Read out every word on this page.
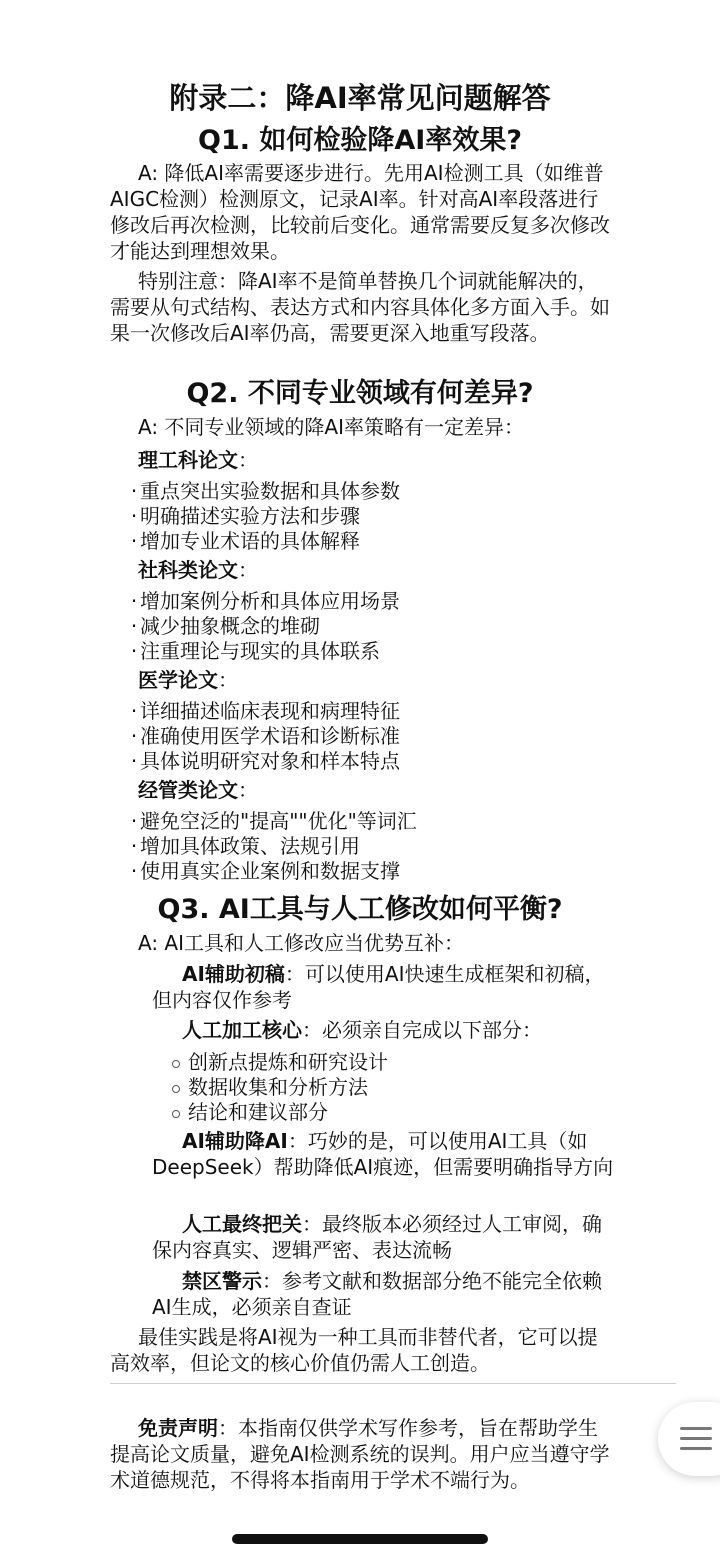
附录二：降AI率常见问题解答
Q1. 如何检验降AI率效果?

A: 降低AI率需要逐步进行。先用AI检测工具（如维普AIGC检测）检测原文，记录AI率。针对高AI率段落进行修改后再次检测，比较前后变化。通常需要反复多次修改才能达到理想效果。

特别注意：降AI率不是简单替换几个词就能解决的，需要从句式结构、表达方式和内容具体化多方面入手。如果一次修改后AI率仍高，需要更深入地重写段落。

Q2. 不同专业领域有何差异?
A: 不同专业领域的降AI率策略有一定差异：
理工科论文：
· 重点突出实验数据和具体参数
· 明确描述实验方法和步骤
· 增加专业术语的具体解释
社科类论文：
· 增加案例分析和具体应用场景
· 减少抽象概念的堆砌
· 注重理论与现实的具体联系
医学论文：
· 详细描述临床表现和病理特征
· 准确使用医学术语和诊断标准
· 具体说明研究对象和样本特点
经管类论文：
· 避免空泛的"提高""优化"等词汇
· 增加具体政策、法规引用
· 使用真实企业案例和数据支撑
Q3. AI工具与人工修改如何平衡?
A: AI工具和人工修改应当优势互补：
AI辅助初稿：可以使用AI快速生成框架和初稿，但内容仅作参考
人工加工核心：必须亲自完成以下部分：
创新点提炼和研究设计
数据收集和分析方法
结论和建议部分
AI辅助降AI：巧妙的是，可以使用AI工具（如DeepSeek）帮助降低AI痕迹，但需要明确指导方向
人工最终把关：最终版本必须经过人工审阅，确保内容真实、逻辑严密、表达流畅
禁区警示：参考文献和数据部分绝不能完全依赖AI生成，必须亲自查证

最佳实践是将AI视为一种工具而非替代者，它可以提高效率，但论文的核心价值仍需人工创造。

免责声明：本指南仅供学术写作参考，旨在帮助学生提高论文质量，避免AI检测系统的误判。用户应当遵守学术道德规范，不得将本指南用于学术不端行为。
